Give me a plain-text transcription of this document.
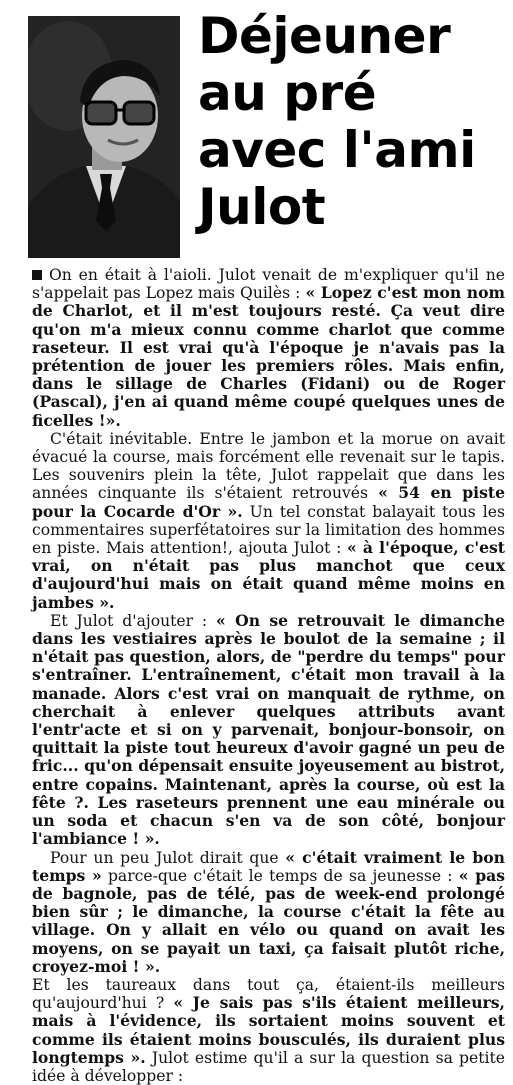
Déjeuner
au pré
avec l'ami
Julot

On en était à l'aioli. Julot venait de m'expliquer qu'il ne s'appelait pas Lopez mais Quilès : « Lopez c'est mon nom de Charlot, et il m'est toujours resté. Ça veut dire qu'on m'a mieux connu comme charlot que comme raseteur. Il est vrai qu'à l'époque je n'avais pas la prétention de jouer les premiers rôles. Mais enfin, dans le sillage de Charles (Fidani) ou de Roger (Pascal), j'en ai quand même coupé quelques unes de ficelles !».

C'était inévitable. Entre le jambon et la morue on avait évacué la course, mais forcément elle revenait sur le tapis. Les souvenirs plein la tête, Julot rappelait que dans les années cinquante ils s'étaient retrouvés « 54 en piste pour la Cocarde d'Or ». Un tel constat balayait tous les commentaires superfétatoires sur la limitation des hommes en piste. Mais attention!, ajouta Julot : « à l'époque, c'est vrai, on n'était pas plus manchot que ceux d'aujourd'hui mais on était quand même moins en jambes ».

Et Julot d'ajouter : « On se retrouvait le dimanche dans les vestiaires après le boulot de la semaine ; il n'était pas question, alors, de "perdre du temps" pour s'entraîner. L'entraînement, c'était mon travail à la manade. Alors c'est vrai on manquait de rythme, on cherchait à enlever quelques attributs avant l'entr'acte et si on y parvenait, bonjour-bonsoir, on quittait la piste tout heureux d'avoir gagné un peu de fric... qu'on dépensait ensuite joyeusement au bistrot, entre copains. Maintenant, après la course, où est la fête ?. Les raseteurs prennent une eau minérale ou un soda et chacun s'en va de son côté, bonjour l'ambiance ! ».

Pour un peu Julot dirait que « c'était vraiment le bon temps » parce-que c'était le temps de sa jeunesse : « pas de bagnole, pas de télé, pas de week-end prolongé bien sûr ; le dimanche, la course c'était la fête au village. On y allait en vélo ou quand on avait les moyens, on se payait un taxi, ça faisait plutôt riche, croyez-moi ! ».

Et les taureaux dans tout ça, étaient-ils meilleurs qu'aujourd'hui ? « Je sais pas s'ils étaient meilleurs, mais à l'évidence, ils sortaient moins souvent et comme ils étaient moins bousculés, ils duraient plus longtemps ». Julot estime qu'il a sur la question sa petite idée à développer :
